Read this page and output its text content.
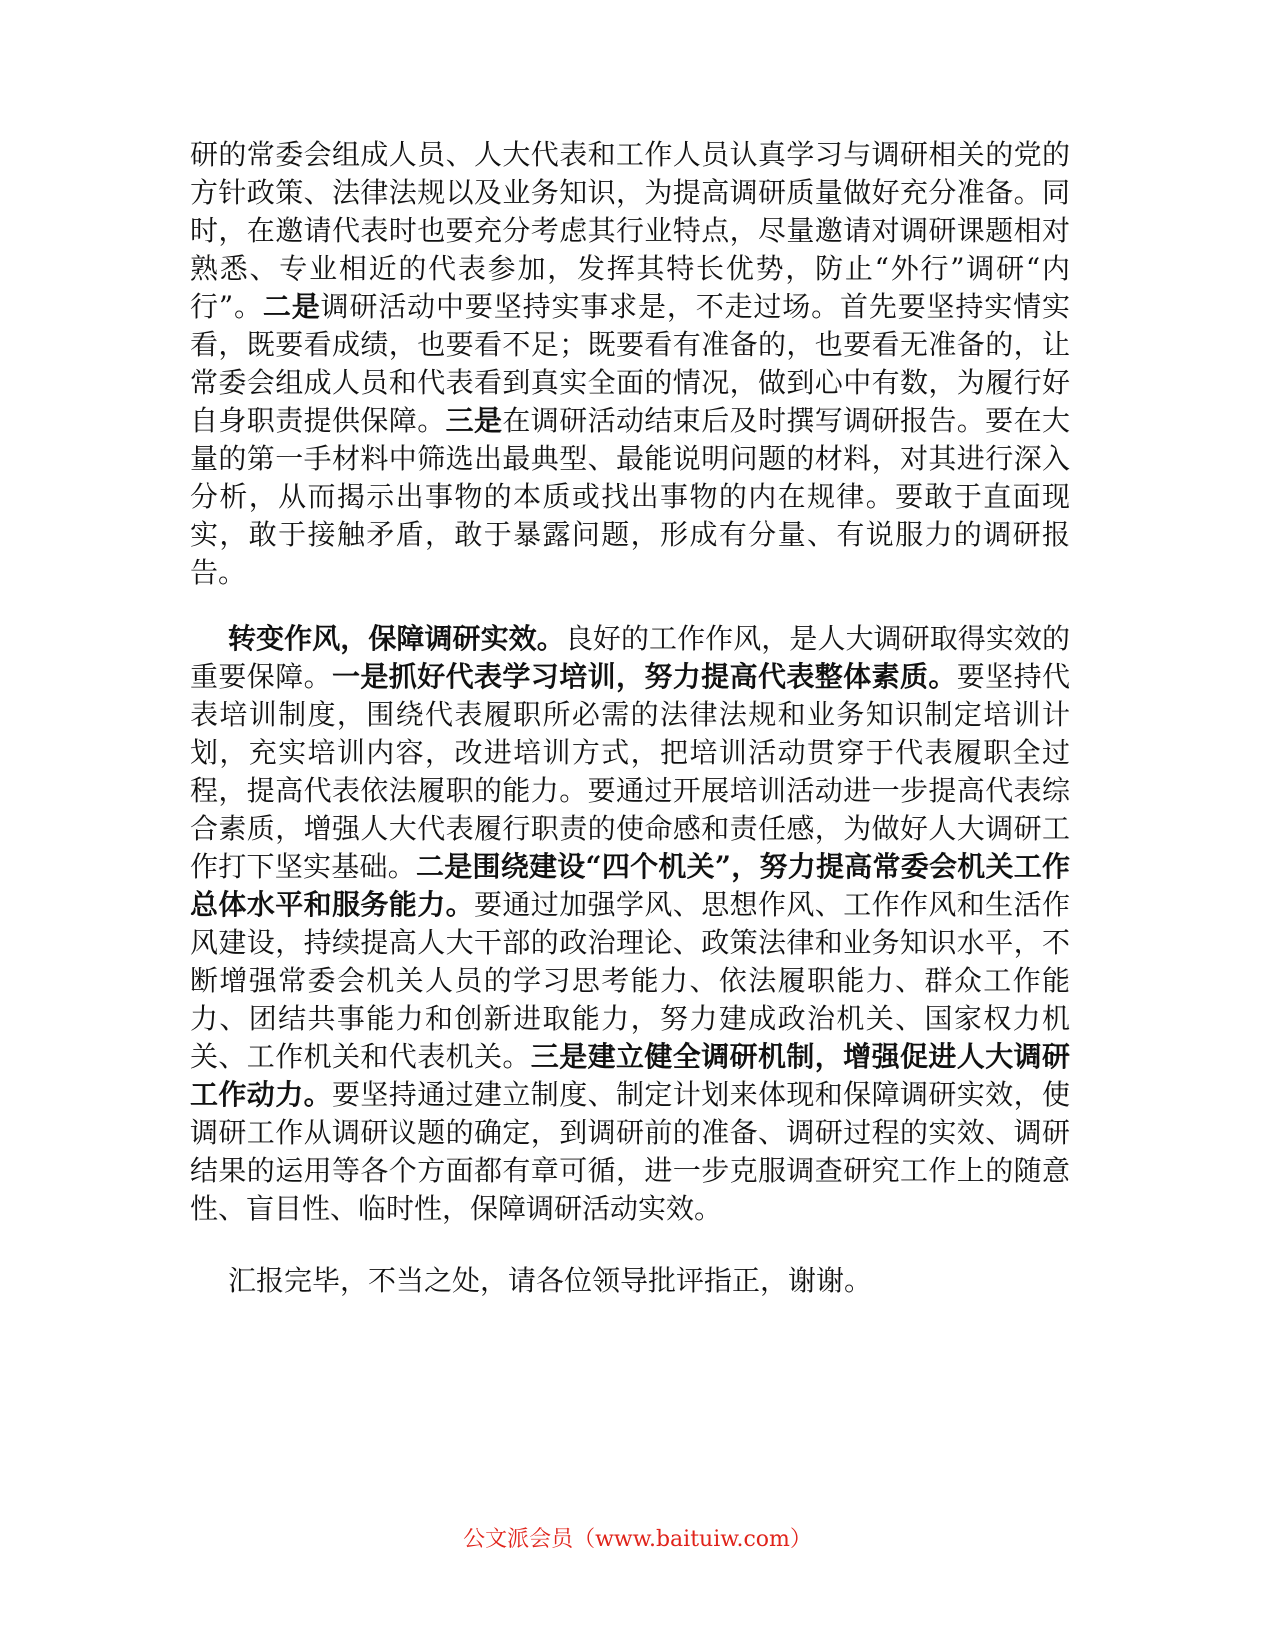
研的常委会组成人员、人大代表和工作人员认真学习与调研相关的党的方针政策、法律法规以及业务知识，为提高调研质量做好充分准备。同时，在邀请代表时也要充分考虑其行业特点，尽量邀请对调研课题相对熟悉、专业相近的代表参加，发挥其特长优势，防止“外行”调研“内行”。二是调研活动中要坚持实事求是，不走过场。首先要坚持实情实看，既要看成绩，也要看不足；既要看有准备的，也要看无准备的，让常委会组成人员和代表看到真实全面的情况，做到心中有数，为履行好自身职责提供保障。三是在调研活动结束后及时撰写调研报告。要在大量的第一手材料中筛选出最典型、最能说明问题的材料，对其进行深入分析，从而揭示出事物的本质或找出事物的内在规律。要敢于直面现实，敢于接触矛盾，敢于暴露问题，形成有分量、有说服力的调研报告。

转变作风，保障调研实效。良好的工作作风，是人大调研取得实效的重要保障。一是抓好代表学习培训，努力提高代表整体素质。要坚持代表培训制度，围绕代表履职所必需的法律法规和业务知识制定培训计划，充实培训内容，改进培训方式，把培训活动贯穿于代表履职全过程，提高代表依法履职的能力。要通过开展培训活动进一步提高代表综合素质，增强人大代表履行职责的使命感和责任感，为做好人大调研工作打下坚实基础。二是围绕建设“四个机关”，努力提高常委会机关工作总体水平和服务能力。要通过加强学风、思想作风、工作作风和生活作风建设，持续提高人大干部的政治理论、政策法律和业务知识水平，不断增强常委会机关人员的学习思考能力、依法履职能力、群众工作能力、团结共事能力和创新进取能力，努力建成政治机关、国家权力机关、工作机关和代表机关。三是建立健全调研机制，增强促进人大调研工作动力。要坚持通过建立制度、制定计划来体现和保障调研实效，使调研工作从调研议题的确定，到调研前的准备、调研过程的实效、调研结果的运用等各个方面都有章可循，进一步克服调查研究工作上的随意性、盲目性、临时性，保障调研活动实效。

汇报完毕，不当之处，请各位领导批评指正，谢谢。

公文派会员（www.baituiw.com）
